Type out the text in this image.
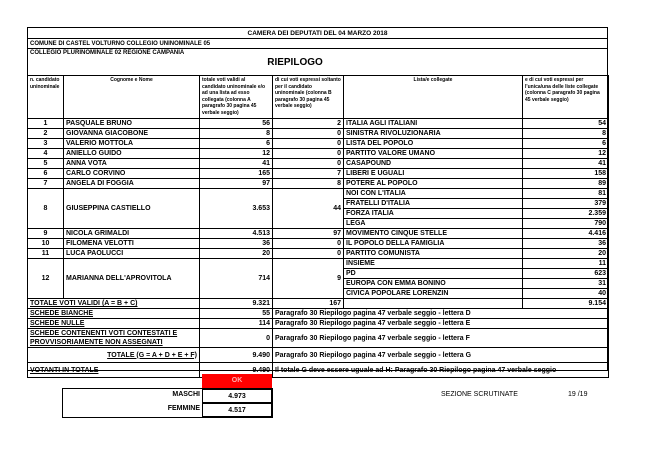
CAMERA DEI DEPUTATI DEL 04 MARZO 2018
COMUNE DI CASTEL VOLTURNO COLLEGIO UNINOMINALE 05
COLLEGIO PLURINOMINALE 02 REGIONE CAMPANIA
RIEPILOGO
n. candidato uninominale	Cognome e Nome	totale voti validi al candidato uninominale e/o ad una lista ad esso collegata (colonna A paragrafo 30 pagina 45 verbale seggio)	di cui voti espressi soltanto per il candidato uninominale (colonna B paragrafo 30 pagina 45 verbale seggio)	Lista/e collegate	e di cui voti espressi per l'unica/una delle liste collegate (colonna C paragrafo 30 pagina 45 verbale seggio)
1	PASQUALE BRUNO	56	2	ITALIA AGLI ITALIANI	54
2	GIOVANNA GIACOBONE	8	0	SINISTRA RIVOLUZIONARIA	8
3	VALERIO MOTTOLA	6	0	LISTA DEL POPOLO	6
4	ANIELLO GUIDO	12	0	PARTITO VALORE UMANO	12
5	ANNA VOTA	41	0	CASAPOUND	41
6	CARLO CORVINO	165	7	LIBERI E UGUALI	158
7	ANGELA DI FOGGIA	97	8	POTERE AL POPOLO	89
8	GIUSEPPINA CASTIELLO	3.653	44	NOI CON L'ITALIA	81
				FRATELLI D'ITALIA	379
				FORZA ITALIA	2.359
				LEGA	790
9	NICOLA GRIMALDI	4.513	97	MOVIMENTO CINQUE STELLE	4.416
10	FILOMENA VELOTTI	36	0	IL POPOLO DELLA FAMIGLIA	36
11	LUCA PAOLUCCI	20	0	PARTITO COMUNISTA	20
12	MARIANNA DELL'APROVITOLA	714	9	INSIEME	11
				PD	623
				EUROPA CON EMMA BONINO	31
				CIVICA POPOLARE LORENZIN	40
TOTALE VOTI VALIDI (A = B + C)		9.321	167		9.154
SCHEDE BIANCHE		55	Paragrafo 30 Riepilogo pagina 47 verbale seggio - lettera D		
SCHEDE NULLE		114	Paragrafo 30 Riepilogo pagina 47 verbale seggio - lettera E		
SCHEDE CONTENENTI VOTI CONTESTATI E PROVVISORIAMENTE NON ASSEGNATI		0	Paragrafo 30 Riepilogo pagina 47 verbale seggio - lettera F		
TOTALE (G = A + D + E + F)		9.490	Paragrafo 30 Riepilogo pagina 47 verbale seggio - lettera G		
VOTANTI IN TOTALE		9.490	Il totale G deve essere uguale ad H: Paragrafo 30 Riepilogo pagina 47 verbale seggio		
OK
MASCHI	4.973
FEMMINE	4.517
SEZIONE SCRUTINATE	19 /19
